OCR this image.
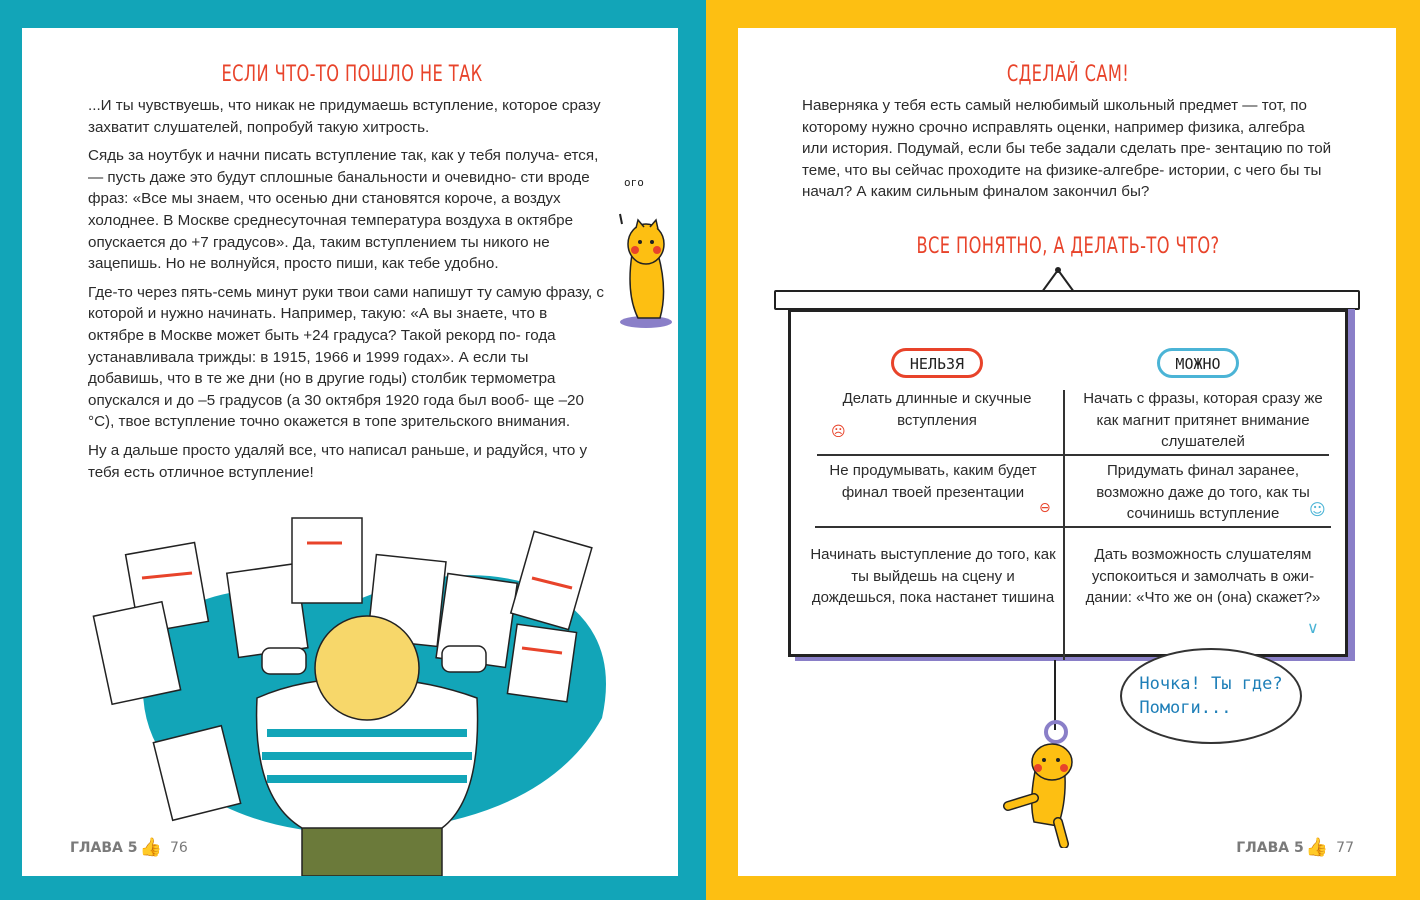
ЕСЛИ ЧТО-ТО ПОШЛО НЕ ТАК

...И ты чувствуешь, что никак не придумаешь вступление, которое сразу захватит слушателей, попробуй такую хитрость.

Сядь за ноутбук и начни писать вступление так, как у тебя получа- ется, — пусть даже это будут сплошные банальности и очевидно- сти вроде фраз: «Все мы знаем, что осенью дни становятся короче, а воздух холоднее. В Москве среднесуточная температура воздуха в октябре опускается до +7 градусов». Да, таким вступлением ты никого не зацепишь. Но не волнуйся, просто пиши, как тебе удобно.

Где-то через пять-семь минут руки твои сами напишут ту самую фразу, с которой и нужно начинать. Например, такую: «А вы знаете, что в октябре в Москве может быть +24 градуса? Такой рекорд по- года устанавливала трижды: в 1915, 1966 и 1999 годах». А если ты добавишь, что в те же дни (но в другие годы) столбик термометра опускался и до –5 градусов (а 30 октября 1920 года был вооб- ще –20 °С), твое вступление точно окажется в топе зрительского внимания.

Ну а дальше просто удаляй все, что написал раньше, и радуйся, что у тебя есть отличное вступление!

ого
ГЛАВА 5 👍 76
СДЕЛАЙ САМ!
Наверняка у тебя есть самый нелюбимый школьный предмет — тот, по которому нужно срочно исправлять оценки, например физика, алгебра или история. Подумай, если бы тебе задали сделать пре- зентацию по той теме, что вы сейчас проходите на физике-алгебре- истории, с чего бы ты начал? А каким сильным финалом закончил бы?
ВСЕ ПОНЯТНО, А ДЕЛАТЬ-ТО ЧТО?
НЕЛЬЗЯ	МОЖНО
Делать длинные и скучные вступления
Начать с фразы, которая сразу же как магнит притянет внимание слушателей
Не продумывать, каким будет финал твоей презентации
Придумать финал заранее, возможно даже до того, как ты сочинишь вступление
Начинать выступление до того, как ты выйдешь на сцену и дождешься, пока настанет тишина
Дать возможность слушателям успокоиться и замолчать в ожи- дании: «Что же он (она) скажет?»
☹
⊖	☺
∨
Ночка! Ты где?
Помоги...
ГЛАВА 5 👍 77
